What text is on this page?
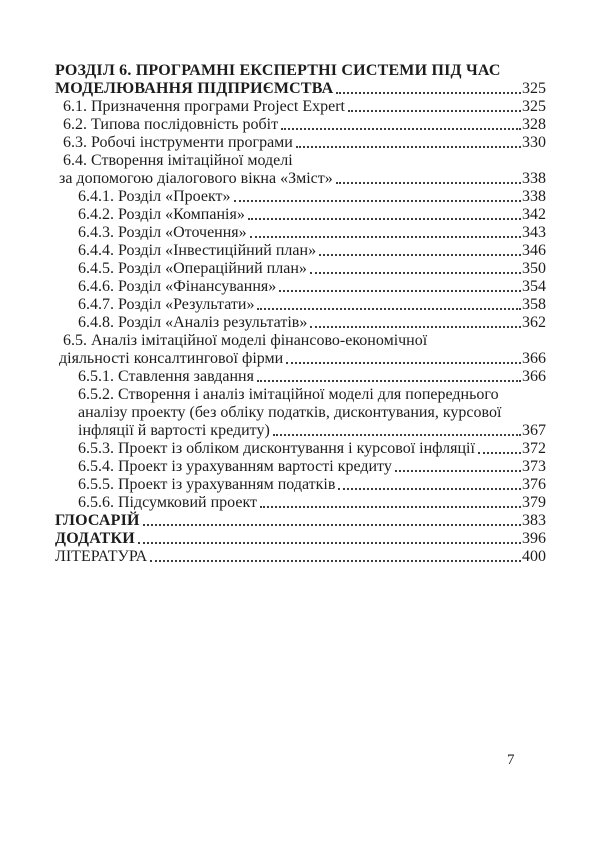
РОЗДІЛ 6. ПРОГРАМНІ ЕКСПЕРТНІ СИСТЕМИ ПІД ЧАС
МОДЕЛЮВАННЯ ПІДПРИЄМСТВА	325
6.1. Призначення програми Project Expert	325
6.2. Типова послідовність робіт	328
6.3. Робочі інструменти програми	330
6.4. Створення імітаційної моделі
за допомогою діалогового вікна «Зміст»	338
6.4.1. Розділ «Проект»	338
6.4.2. Розділ «Компанія»	342
6.4.3. Розділ «Оточення»	343
6.4.4. Розділ «Інвестиційний план»	346
6.4.5. Розділ «Операційний план»	350
6.4.6. Розділ «Фінансування»	354
6.4.7. Розділ «Результати»	358
6.4.8. Розділ «Аналіз результатів»	362
6.5. Аналіз імітаційної моделі фінансово-економічної
діяльності консалтингової фірми	366
6.5.1. Ставлення завдання	366
6.5.2. Створення і аналіз імітаційної моделі для попереднього
аналізу проекту (без обліку податків, дисконтувания, курсової
інфляції й вартості кредиту)	367
6.5.3. Проект із обліком дисконтування і курсової інфляції	372
6.5.4. Проект із урахуванням вартості кредиту	373
6.5.5. Проект із урахуванням податків	376
6.5.6. Підсумковий проект	379
ГЛОСАРІЙ	383
ДОДАТКИ	396
ЛІТЕРАТУРА	400
7
